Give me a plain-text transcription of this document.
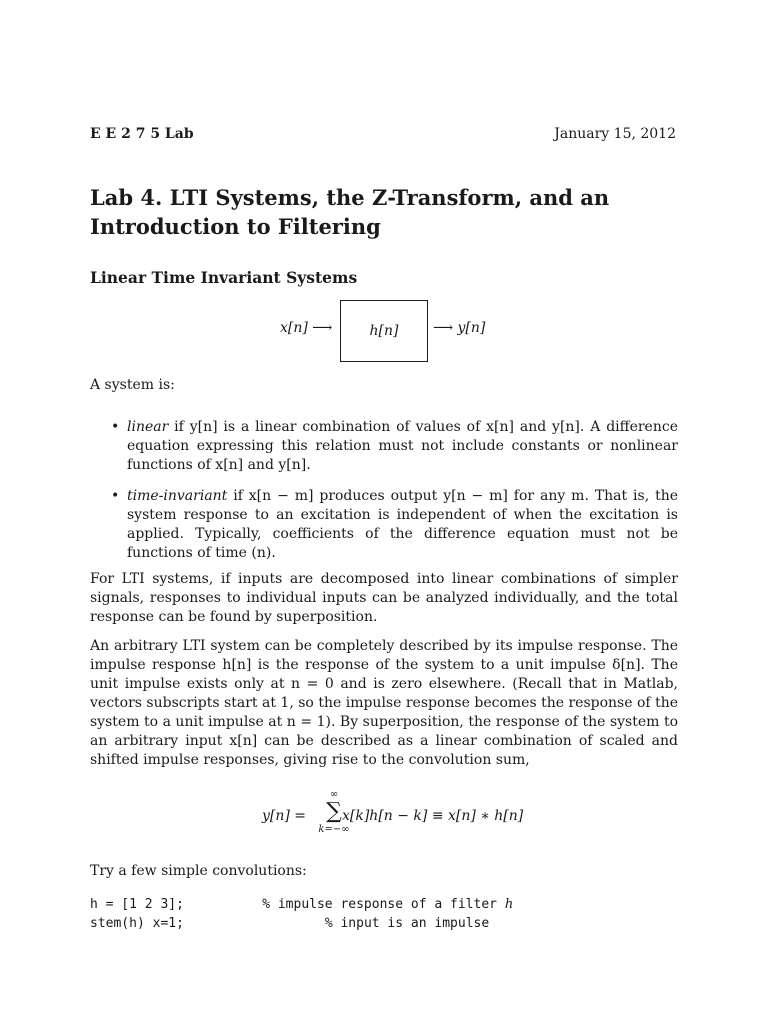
E E 2 7 5 Lab	January 15, 2012
Lab 4. LTI Systems, the Z-Transform, and an Introduction to Filtering
Linear Time Invariant Systems
x[n] ⟶	h[n] ⟶ y[n]

A system is:

• linear if y[n] is a linear combination of values of x[n] and y[n]. A difference equation expressing this relation must not include constants or nonlinear functions of x[n] and y[n].
• time-invariant if x[n − m] produces output y[n − m] for any m. That is, the system response to an excitation is independent of when the excitation is applied. Typically, coefficients of the difference equation must not be functions of time (n).

For LTI systems, if inputs are decomposed into linear combinations of simpler signals, responses to individual inputs can be analyzed individually, and the total response can be found by superposition.

An arbitrary LTI system can be completely described by its impulse response. The impulse response h[n] is the response of the system to a unit impulse δ[n]. The unit impulse exists only at n = 0 and is zero elsewhere. (Recall that in Matlab, vectors subscripts start at 1, so the impulse response becomes the response of the system to a unit impulse at n = 1). By superposition, the response of the system to an arbitrary input x[n] can be described as a linear combination of scaled and shifted impulse responses, giving rise to the convolution sum,

y[n] =
∞
∑
k=−∞
x[k]h[n − k] ≡ x[n] ∗ h[n]

Try a few simple convolutions:

h = [1 2 3];          % impulse response of a filter h
stem(h) x=1;                  % input is an impulse
